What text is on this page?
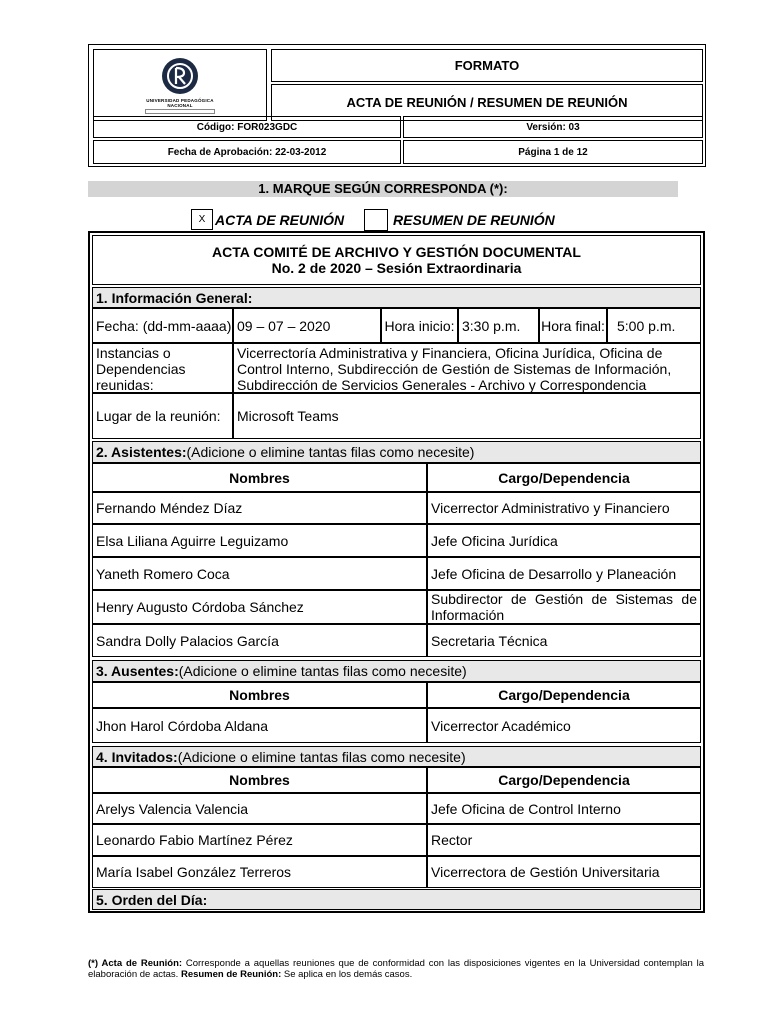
UNIVERSIDAD PEDAGÓGICA
NACIONAL
FORMATO
ACTA DE REUNIÓN / RESUMEN DE REUNIÓN
Código: FOR023GDC	Versión: 03
Fecha de Aprobación: 22-03-2012	Página 1 de 12
1. MARQUE SEGÚN CORRESPONDA (*):
X ACTA DE REUNIÓN	RESUMEN DE REUNIÓN
ACTA COMITÉ DE ARCHIVO Y GESTIÓN DOCUMENTAL
No. 2 de 2020 – Sesión Extraordinaria
1. Información General:
Fecha: (dd-mm-aaaa) 09 – 07 – 2020	Hora inicio: 3:30 p.m.	Hora final: 5:00 p.m.
Instancias o Dependencias reunidas:
Vicerrectoría Administrativa y Financiera, Oficina Jurídica, Oficina de Control Interno, Subdirección de Gestión de Sistemas de Información, Subdirección de Servicios Generales - Archivo y Correspondencia
Lugar de la reunión:	Microsoft Teams
2. Asistentes: (Adicione o elimine tantas filas como necesite)
Nombres	Cargo/Dependencia
Fernando Méndez Díaz	Vicerrector Administrativo y Financiero
Elsa Liliana Aguirre Leguizamo	Jefe Oficina Jurídica
Yaneth Romero Coca	Jefe Oficina de Desarrollo y Planeación
Henry Augusto Córdoba Sánchez	Subdirector de Gestión de Sistemas de Información
Sandra Dolly Palacios García	Secretaria Técnica
3. Ausentes: (Adicione o elimine tantas filas como necesite)
Nombres	Cargo/Dependencia
Jhon Harol Córdoba Aldana	Vicerrector Académico
4. Invitados: (Adicione o elimine tantas filas como necesite)
Nombres	Cargo/Dependencia
Arelys Valencia Valencia	Jefe Oficina de Control Interno
Leonardo Fabio Martínez Pérez	Rector
María Isabel González Terreros	Vicerrectora de Gestión Universitaria
5. Orden del Día:
(*) Acta de Reunión: Corresponde a aquellas reuniones que de conformidad con las disposiciones vigentes en la Universidad contemplan la elaboración de actas. Resumen de Reunión: Se aplica en los demás casos.
